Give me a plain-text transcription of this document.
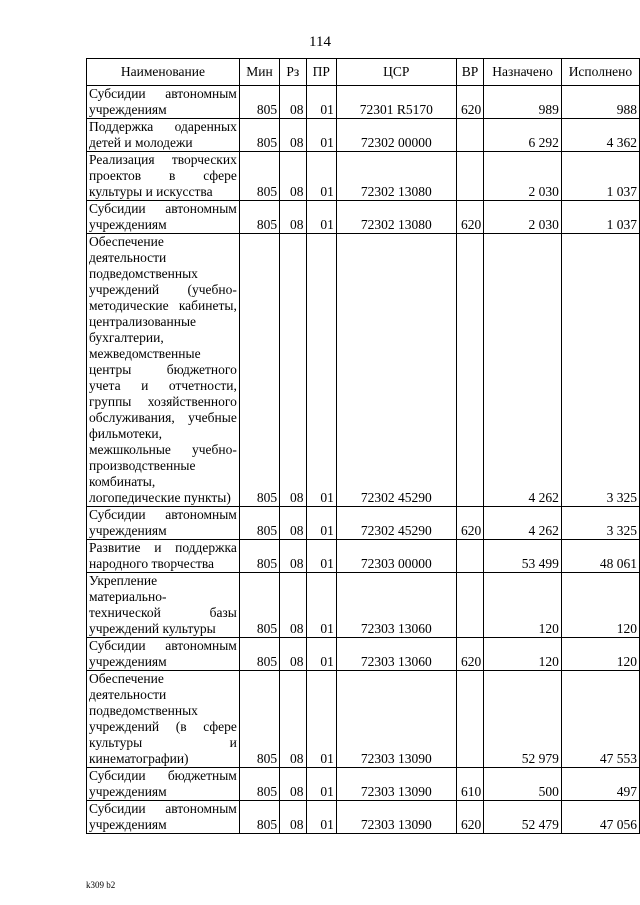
114
Наименование	Мин	Рз	ПР	ЦСР	ВР	Назначено	Исполнено
Субсидии автономным учреждениям	805	08	01	72301 R5170	620	989	988
Поддержка одаренных детей и молодежи	805	08	01	72302 00000		6 292	4 362
Реализация творческих проектов в сфере культуры и искусства	805	08	01	72302 13080		2 030	1 037
Субсидии автономным учреждениям	805	08	01	72302 13080	620	2 030	1 037
Обеспечение деятельности подведомственных учреждений (учебно-методические кабинеты, централизованные бухгалтерии, межведомственные центры бюджетного учета и отчетности, группы хозяйственного обслуживания, учебные фильмотеки, межшкольные учебно-производственные комбинаты, логопедические пункты)	805	08	01	72302 45290		4 262	3 325
Субсидии автономным учреждениям	805	08	01	72302 45290	620	4 262	3 325
Развитие и поддержка народного творчества	805	08	01	72303 00000		53 499	48 061
Укрепление материально-технической базы учреждений культуры	805	08	01	72303 13060		120	120
Субсидии автономным учреждениям	805	08	01	72303 13060	620	120	120
Обеспечение деятельности подведомственных учреждений (в сфере культуры и кинематографии)	805	08	01	72303 13090		52 979	47 553
Субсидии бюджетным учреждениям	805	08	01	72303 13090	610	500	497
Субсидии автономным учреждениям	805	08	01	72303 13090	620	52 479	47 056
k309 b2
